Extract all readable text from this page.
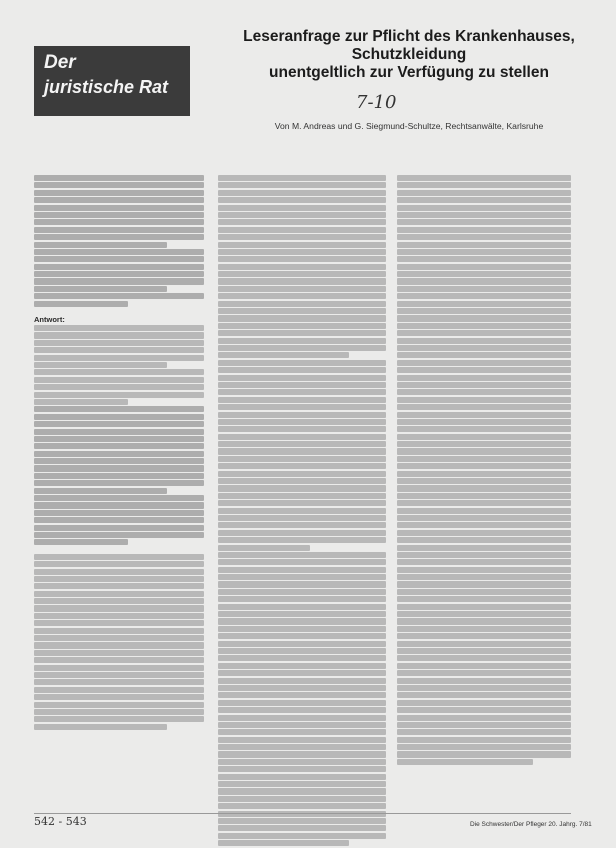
Der
juristische Rat
Leseranfrage zur Pflicht des Krankenhauses,
Schutzkleidung
unentgeltlich zur Verfügung zu stellen
7-10
Von M. Andreas und G. Siegmund-Schultze, Rechtsanwälte, Karlsruhe
Antwort:
542 - 543	Die Schwester/Der Pfleger 20. Jahrg. 7/81
